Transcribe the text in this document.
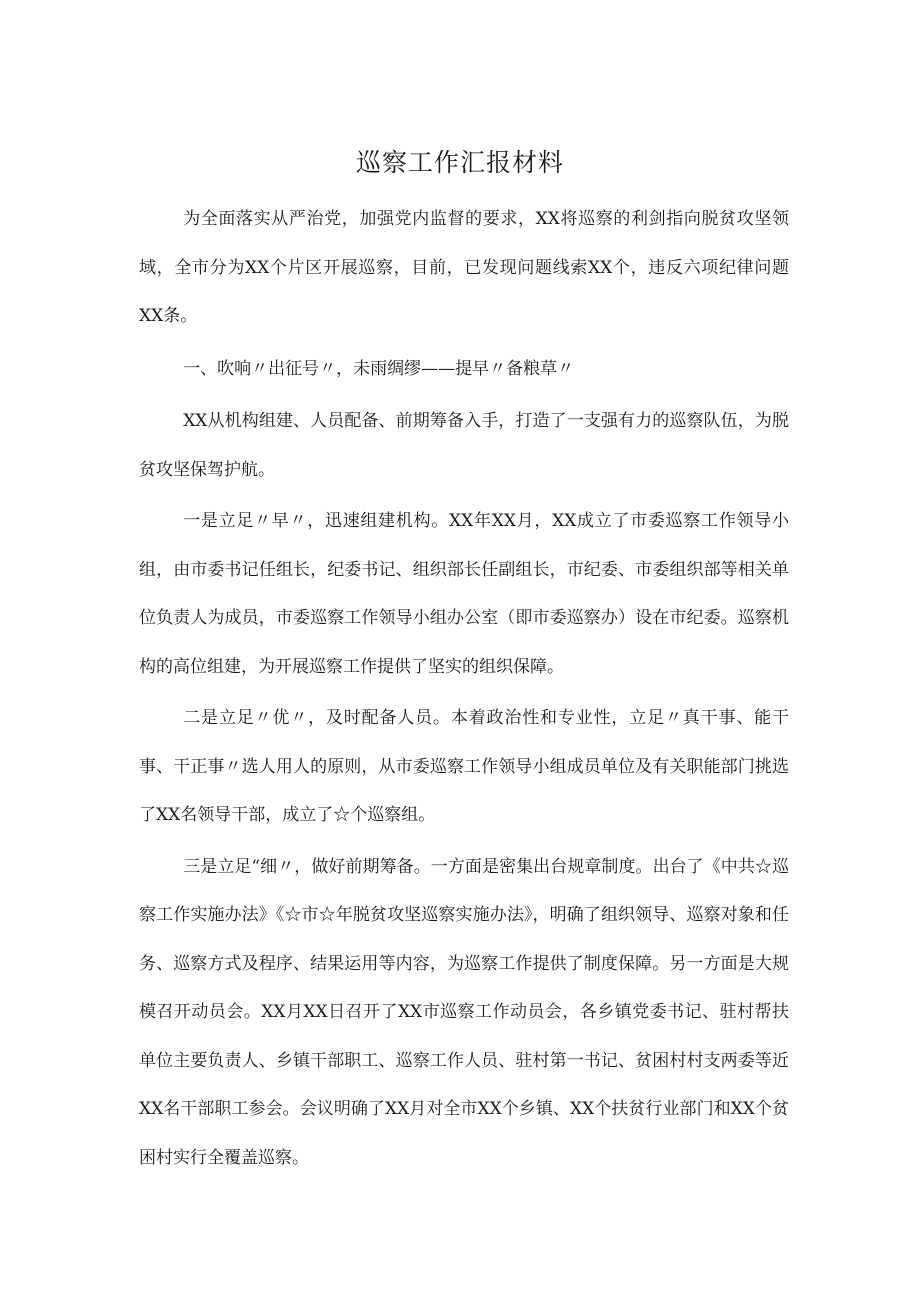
巡察工作汇报材料

为全面落实从严治党，加强党内监督的要求，XX将巡察的利剑指向脱贫攻坚领域，全市分为XX个片区开展巡察，目前，已发现问题线索XX个，违反六项纪律问题XX条。

一、吹响〃出征号〃，未雨绸缪——提早〃备粮草〃

XX从机构组建、人员配备、前期筹备入手，打造了一支强有力的巡察队伍，为脱贫攻坚保驾护航。

一是立足〃早〃，迅速组建机构。XX年XX月，XX成立了市委巡察工作领导小组，由市委书记任组长，纪委书记、组织部长任副组长，市纪委、市委组织部等相关单位负责人为成员，市委巡察工作领导小组办公室（即市委巡察办）设在市纪委。巡察机构的高位组建，为开展巡察工作提供了坚实的组织保障。

二是立足〃优〃，及时配备人员。本着政治性和专业性，立足〃真干事、能干事、干正事〃选人用人的原则，从市委巡察工作领导小组成员单位及有关职能部门挑选了XX名领导干部，成立了☆个巡察组。

三是立足“细〃，做好前期筹备。一方面是密集出台规章制度。出台了《中共☆巡察工作实施办法》《☆市☆年脱贫攻坚巡察实施办法》，明确了组织领导、巡察对象和任务、巡察方式及程序、结果运用等内容，为巡察工作提供了制度保障。另一方面是大规模召开动员会。XX月XX日召开了XX市巡察工作动员会，各乡镇党委书记、驻村帮扶单位主要负责人、乡镇干部职工、巡察工作人员、驻村第一书记、贫困村村支两委等近XX名干部职工参会。会议明确了XX月对全市XX个乡镇、XX个扶贫行业部门和XX个贫困村实行全覆盖巡察。
